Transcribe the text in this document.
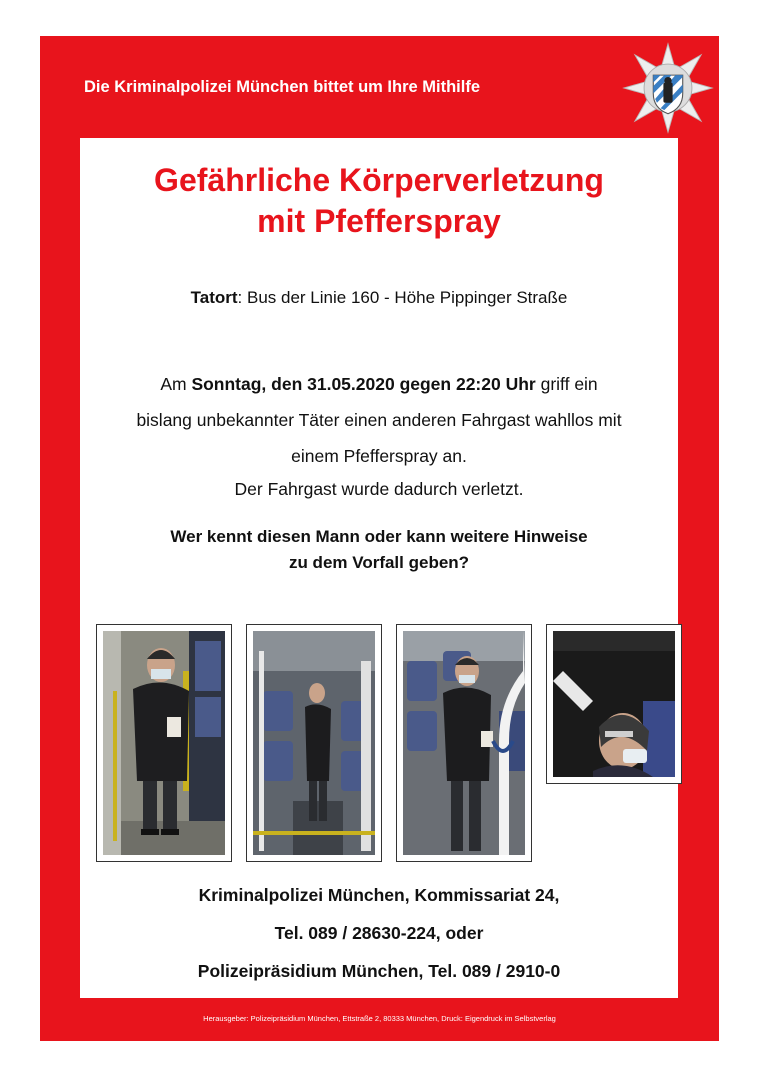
Die Kriminalpolizei München bittet um Ihre Mithilfe
Gefährliche Körperverletzung
mit Pfefferspray
Tatort: Bus der Linie 160 - Höhe Pippinger Straße

Am Sonntag, den 31.05.2020 gegen 22:20 Uhr griff ein

bislang unbekannter Täter einen anderen Fahrgast wahllos mit

einem Pfefferspray an.

Der Fahrgast wurde dadurch verletzt.

Wer kennt diesen Mann oder kann weitere Hinweise
zu dem Vorfall geben?

Kriminalpolizei München, Kommissariat 24,

Tel. 089 / 28630-224, oder

Polizeipräsidium München, Tel. 089 / 2910-0

Herausgeber: Polizeipräsidium München, Ettstraße 2, 80333 München, Druck: Eigendruck im Selbstverlag
